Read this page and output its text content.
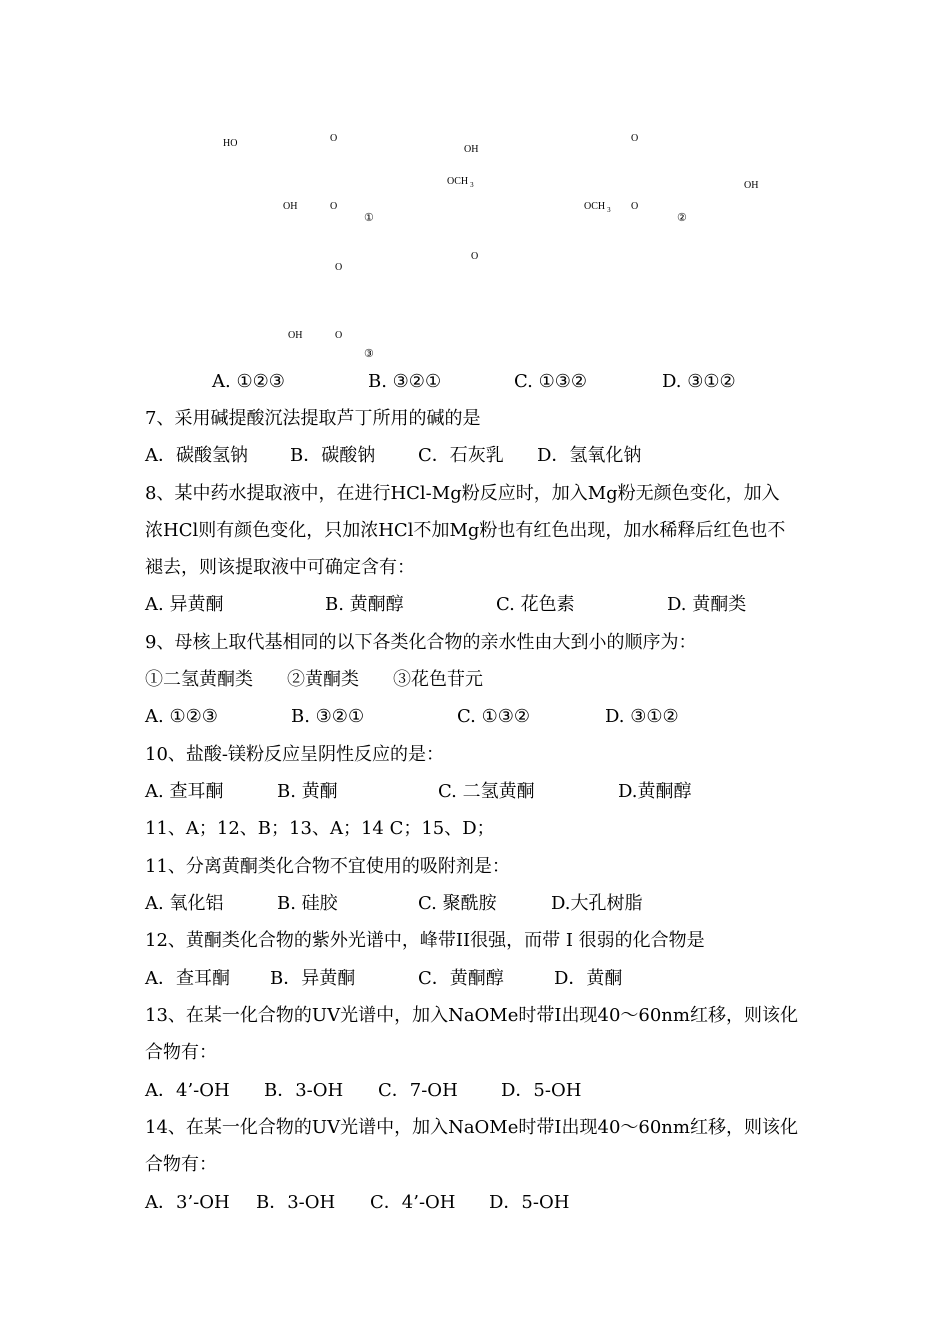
HO	O
OH
OCH $_3$
OH	O
①
O
O
O
OH
OCH $_3$ O
②
OH	O
③
A. ①②③	B. ③②①	C. ①③②	D. ③①②
7、采用碱提酸沉法提取芦丁所用的碱的是
A．碳酸氢钠 B．碳酸钠 C．石灰乳 D．氢氧化钠
8、某中药水提取液中，在进行HCl-Mg粉反应时，加入Mg粉无颜色变化，加入
浓HCl则有颜色变化，只加浓HCl不加Mg粉也有红色出现，加水稀释后红色也不
褪去，则该提取液中可确定含有：
A. 异黄酮	B. 黄酮醇	C. 花色素	D. 黄酮类
9、母核上取代基相同的以下各类化合物的亲水性由大到小的顺序为：
①二氢黄酮类 ②黄酮类 ③花色苷元
A. ①②③	B. ③②①	C. ①③②	D. ③①②
10、盐酸-镁粉反应呈阴性反应的是：
A. 查耳酮	B. 黄酮	C. 二氢黄酮	D.黄酮醇
11、A；12、B；13、A；14 C；15、D；
11、分离黄酮类化合物不宜使用的吸附剂是：
A. 氧化铝	B. 硅胶	C. 聚酰胺	D.大孔树脂
12、黄酮类化合物的紫外光谱中，峰带II很强，而带 I 很弱的化合物是
A．查耳酮 B．异黄酮	C．黄酮醇	D．黄酮
13、在某一化合物的UV光谱中，加入NaOMe时带I出现40～60nm红移，则该化
合物有：
A．4’-OH B．3-OH C．7-OH D．5-OH
14、在某一化合物的UV光谱中，加入NaOMe时带I出现40～60nm红移，则该化
合物有：
A．3’-OH B．3-OH C．4’-OH D．5-OH
